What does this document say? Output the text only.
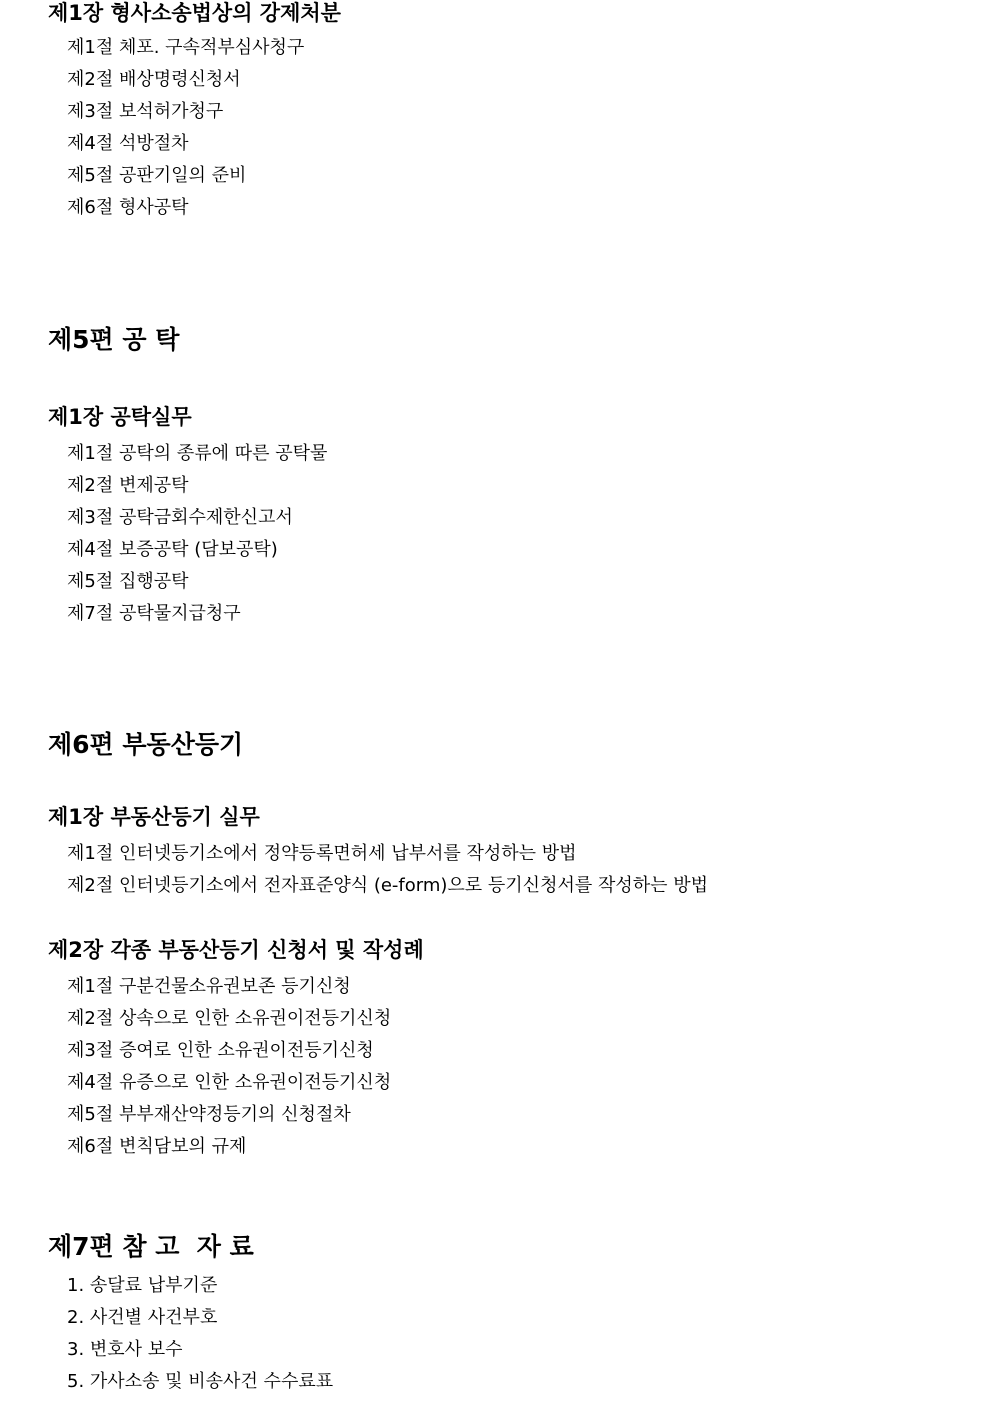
제1장 형사소송법상의 강제처분
제1절 체포. 구속적부심사청구
제2절 배상명령신청서
제3절 보석허가청구
제4절 석방절차
제5절 공판기일의 준비
제6절 형사공탁
제5편 공 탁
제1장 공탁실무
제1절 공탁의 종류에 따른 공탁물
제2절 변제공탁
제3절 공탁금회수제한신고서
제4절 보증공탁 (담보공탁)
제5절 집행공탁
제7절 공탁물지급청구
제6편 부동산등기
제1장 부동산등기 실무
제1절 인터넷등기소에서 정약등록면허세 납부서를 작성하는 방법
제2절 인터넷등기소에서 전자표준양식 (e-form)으로 등기신청서를 작성하는 방법
제2장 각종 부동산등기 신청서 및 작성례
제1절 구분건물소유권보존 등기신청
제2절 상속으로 인한 소유권이전등기신청
제3절 증여로 인한 소유권이전등기신청
제4절 유증으로 인한 소유권이전등기신청
제5절 부부재산약정등기의 신청절차
제6절 변칙담보의 규제
제7편 참 고  자 료
1. 송달료 납부기준
2. 사건별 사건부호
3. 변호사 보수
5. 가사소송 및 비송사건 수수료표
